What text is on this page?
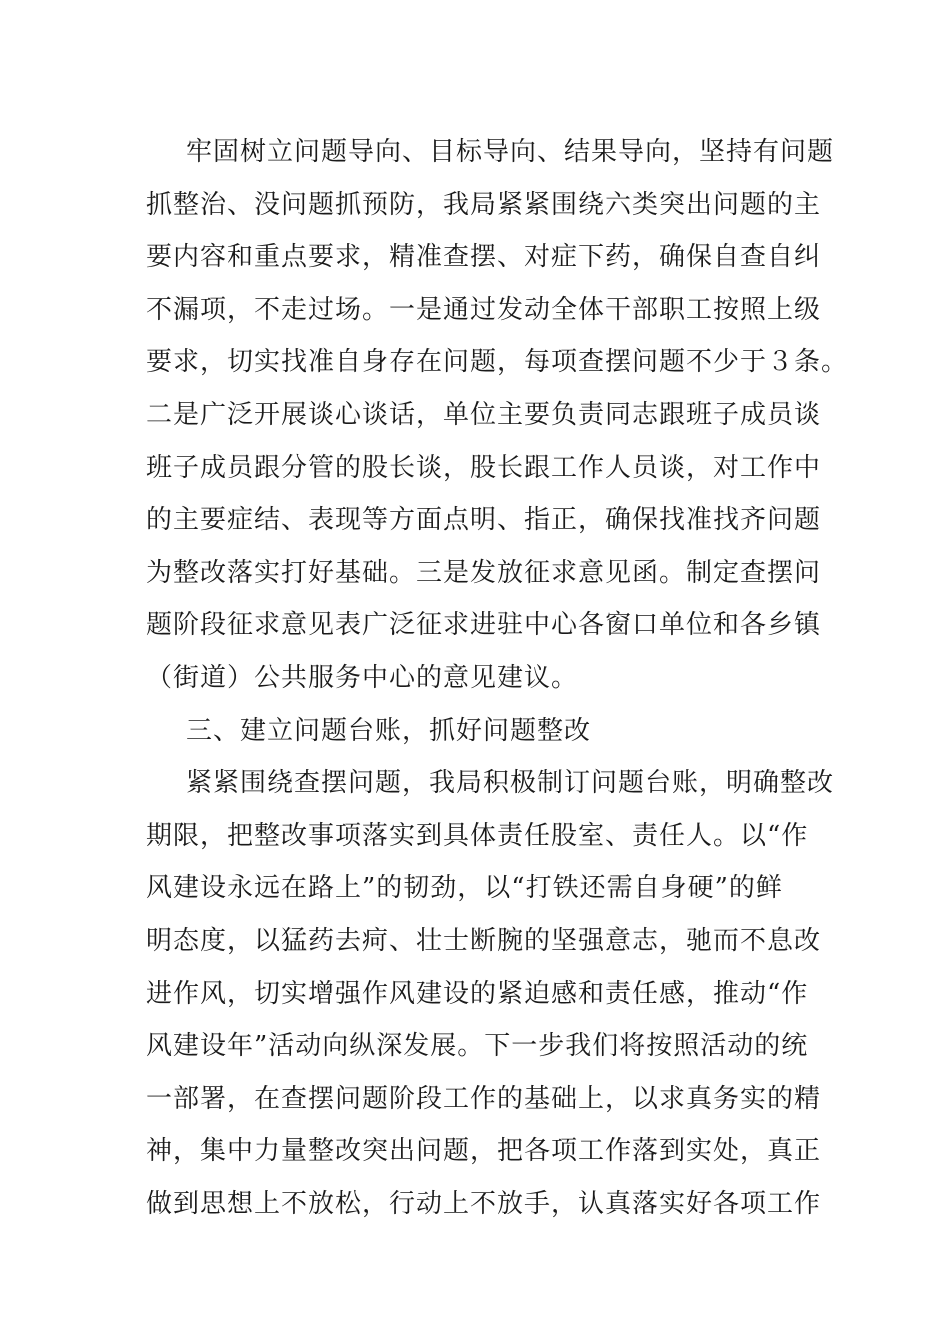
牢固树立问题导向、目标导向、结果导向，坚持有问题
抓整治、没问题抓预防，我局紧紧围绕六类突出问题的主
要内容和重点要求，精准查摆、对症下药，确保自查自纠
不漏项，不走过场。一是通过发动全体干部职工按照上级
要求，切实找准自身存在问题，每项查摆问题不少于３条。
二是广泛开展谈心谈话，单位主要负责同志跟班子成员谈
班子成员跟分管的股长谈，股长跟工作人员谈，对工作中
的主要症结、表现等方面点明、指正，确保找准找齐问题
为整改落实打好基础。三是发放征求意见函。制定查摆问
题阶段征求意见表广泛征求进驻中心各窗口单位和各乡镇
（街道）公共服务中心的意见建议。
三、建立问题台账，抓好问题整改
紧紧围绕查摆问题，我局积极制订问题台账，明确整改
期限，把整改事项落实到具体责任股室、责任人。以“作
风建设永远在路上”的韧劲，以“打铁还需自身硬”的鲜
明态度，以猛药去疴、壮士断腕的坚强意志，驰而不息改
进作风，切实增强作风建设的紧迫感和责任感，推动“作
风建设年”活动向纵深发展。下一步我们将按照活动的统
一部署，在查摆问题阶段工作的基础上，以求真务实的精
神，集中力量整改突出问题，把各项工作落到实处，真正
做到思想上不放松，行动上不放手，认真落实好各项工作
